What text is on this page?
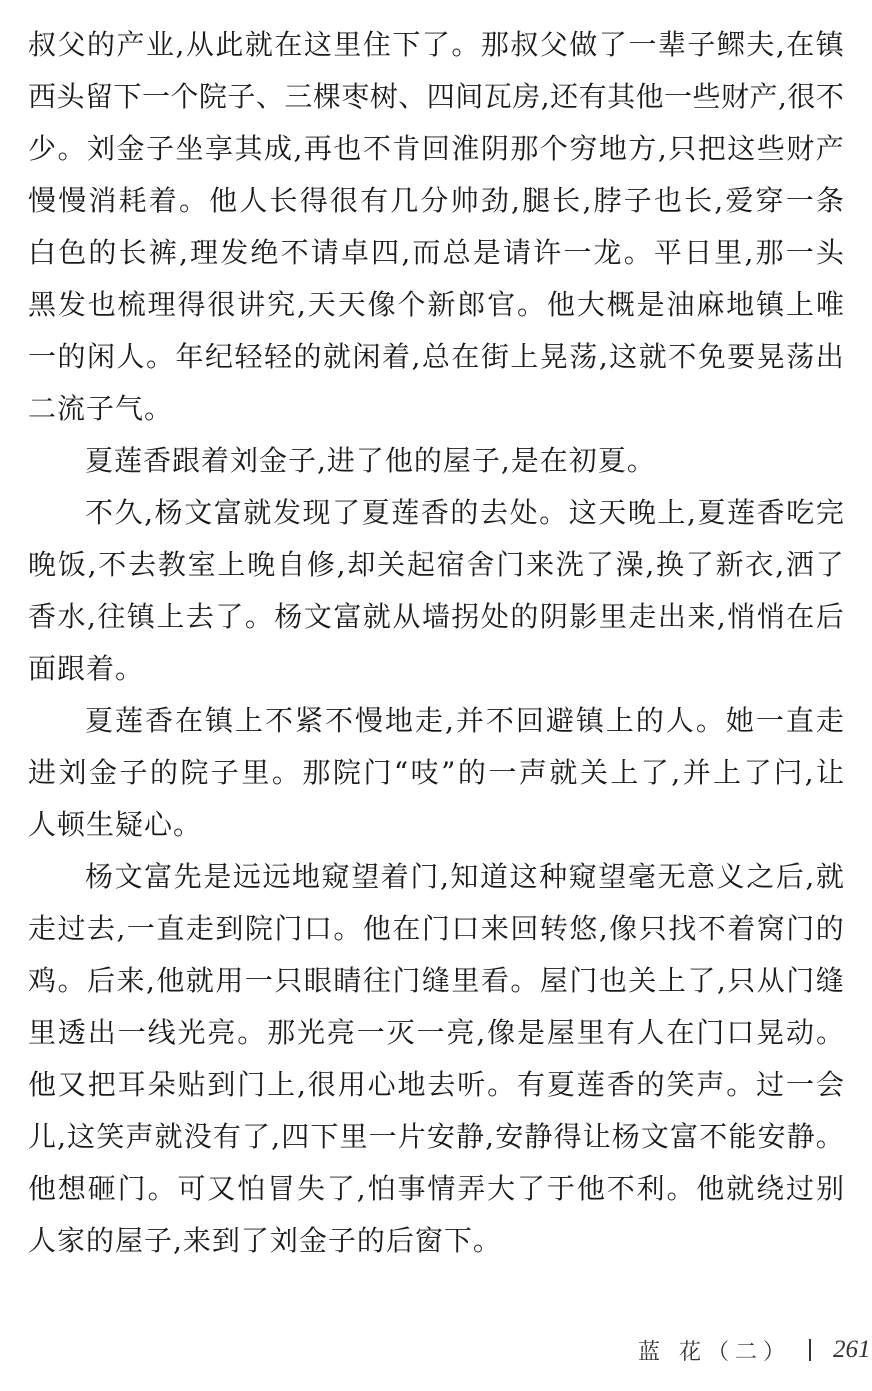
叔 父 的 产 业 , 从 此 就 在 这 里 住 下 了 。 那 叔 父 做 了 一 辈 子 鳏 夫 , 在 镇
西 头 留 下 一 个 院 子 、 三 棵 枣 树 、 四 间 瓦 房 , 还 有 其 他 一 些 财 产 , 很 不
少 。 刘 金 子 坐 享 其 成 , 再 也 不 肯 回 淮 阴 那 个 穷 地 方 , 只 把 这 些 财 产
慢 慢 消 耗 着 。 他 人 长 得 很 有 几 分 帅 劲 , 腿 长 , 脖 子 也 长 , 爱 穿 一 条
白 色 的 长 裤 , 理 发 绝 不 请 卓 四 , 而 总 是 请 许 一 龙 。 平 日 里 , 那 一 头
黑 发 也 梳 理 得 很 讲 究 , 天 天 像 个 新 郎 官 。 他 大 概 是 油 麻 地 镇 上 唯
一 的 闲 人 。 年 纪 轻 轻 的 就 闲 着 , 总 在 街 上 晃 荡 , 这 就 不 免 要 晃 荡 出
二流子气。
夏莲香跟着刘金子,进了他的屋子,是在初夏。
不 久 , 杨 文 富 就 发 现 了 夏 莲 香 的 去 处 。 这 天 晚 上 , 夏 莲 香 吃 完
晚 饭 , 不 去 教 室 上 晚 自 修 , 却 关 起 宿 舍 门 来 洗 了 澡 , 换 了 新 衣 , 洒 了
香 水 , 往 镇 上 去 了 。 杨 文 富 就 从 墙 拐 处 的 阴 影 里 走 出 来 , 悄 悄 在 后
面跟着。
夏 莲 香 在 镇 上 不 紧 不 慢 地 走 , 并 不 回 避 镇 上 的 人 。 她 一 直 走
进 刘 金 子 的 院 子 里 。 那 院 门 “ 吱 ” 的 一 声 就 关 上 了 , 并 上 了 闩 , 让
人顿生疑心。
杨 文 富 先 是 远 远 地 窥 望 着 门 , 知 道 这 种 窥 望 毫 无 意 义 之 后 , 就
走 过 去 , 一 直 走 到 院 门 口 。 他 在 门 口 来 回 转 悠 , 像 只 找 不 着 窝 门 的
鸡 。 后 来 , 他 就 用 一 只 眼 睛 往 门 缝 里 看 。 屋 门 也 关 上 了 , 只 从 门 缝
里 透 出 一 线 光 亮 。 那 光 亮 一 灭 一 亮 , 像 是 屋 里 有 人 在 门 口 晃 动 。
他 又 把 耳 朵 贴 到 门 上 , 很 用 心 地 去 听 。 有 夏 莲 香 的 笑 声 。 过 一 会
儿 , 这 笑 声 就 没 有 了 , 四 下 里 一 片 安 静 , 安 静 得 让 杨 文 富 不 能 安 静 。
他 想 砸 门 。 可 又 怕 冒 失 了 , 怕 事 情 弄 大 了 于 他 不 利 。 他 就 绕 过 别
人家的屋子,来到了刘金子的后窗下。
蓝 花（二） 261
